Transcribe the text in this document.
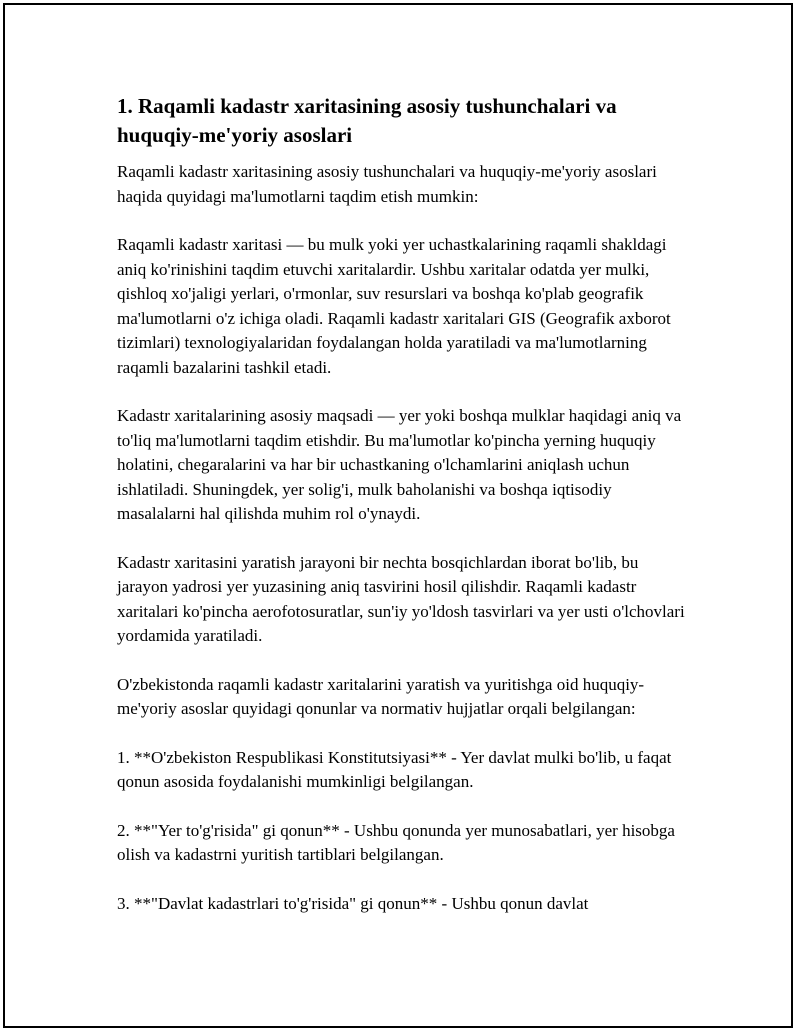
1. Raqamli kadastr xaritasining asosiy tushunchalari va huquqiy-me'yoriy asoslari

Raqamli kadastr xaritasining asosiy tushunchalari va huquqiy-me'yoriy asoslari haqida quyidagi ma'lumotlarni taqdim etish mumkin:

Raqamli kadastr xaritasi — bu mulk yoki yer uchastkalarining raqamli shakldagi aniq ko'rinishini taqdim etuvchi xaritalardir. Ushbu xaritalar odatda yer mulki, qishloq xo'jaligi yerlari, o'rmonlar, suv resurslari va boshqa ko'plab geografik ma'lumotlarni o'z ichiga oladi. Raqamli kadastr xaritalari GIS (Geografik axborot tizimlari) texnologiyalaridan foydalangan holda yaratiladi va ma'lumotlarning raqamli bazalarini tashkil etadi.

Kadastr xaritalarining asosiy maqsadi — yer yoki boshqa mulklar haqidagi aniq va to'liq ma'lumotlarni taqdim etishdir. Bu ma'lumotlar ko'pincha yerning huquqiy holatini, chegaralarini va har bir uchastkaning o'lchamlarini aniqlash uchun ishlatiladi. Shuningdek, yer solig'i, mulk baholanishi va boshqa iqtisodiy masalalarni hal qilishda muhim rol o'ynaydi.

Kadastr xaritasini yaratish jarayoni bir nechta bosqichlardan iborat bo'lib, bu jarayon yadrosi yer yuzasining aniq tasvirini hosil qilishdir. Raqamli kadastr xaritalari ko'pincha aerofotosuratlar, sun'iy yo'ldosh tasvirlari va yer usti o'lchovlari yordamida yaratiladi.

O'zbekistonda raqamli kadastr xaritalarini yaratish va yuritishga oid huquqiy-me'yoriy asoslar quyidagi qonunlar va normativ hujjatlar orqali belgilangan:

1. **O'zbekiston Respublikasi Konstitutsiyasi** - Yer davlat mulki bo'lib, u faqat qonun asosida foydalanishi mumkinligi belgilangan.

2. **"Yer to'g'risida" gi qonun** - Ushbu qonunda yer munosabatlari, yer hisobga olish va kadastrni yuritish tartiblari belgilangan.

3. **"Davlat kadastrlari to'g'risida" gi qonun** - Ushbu qonun davlat
